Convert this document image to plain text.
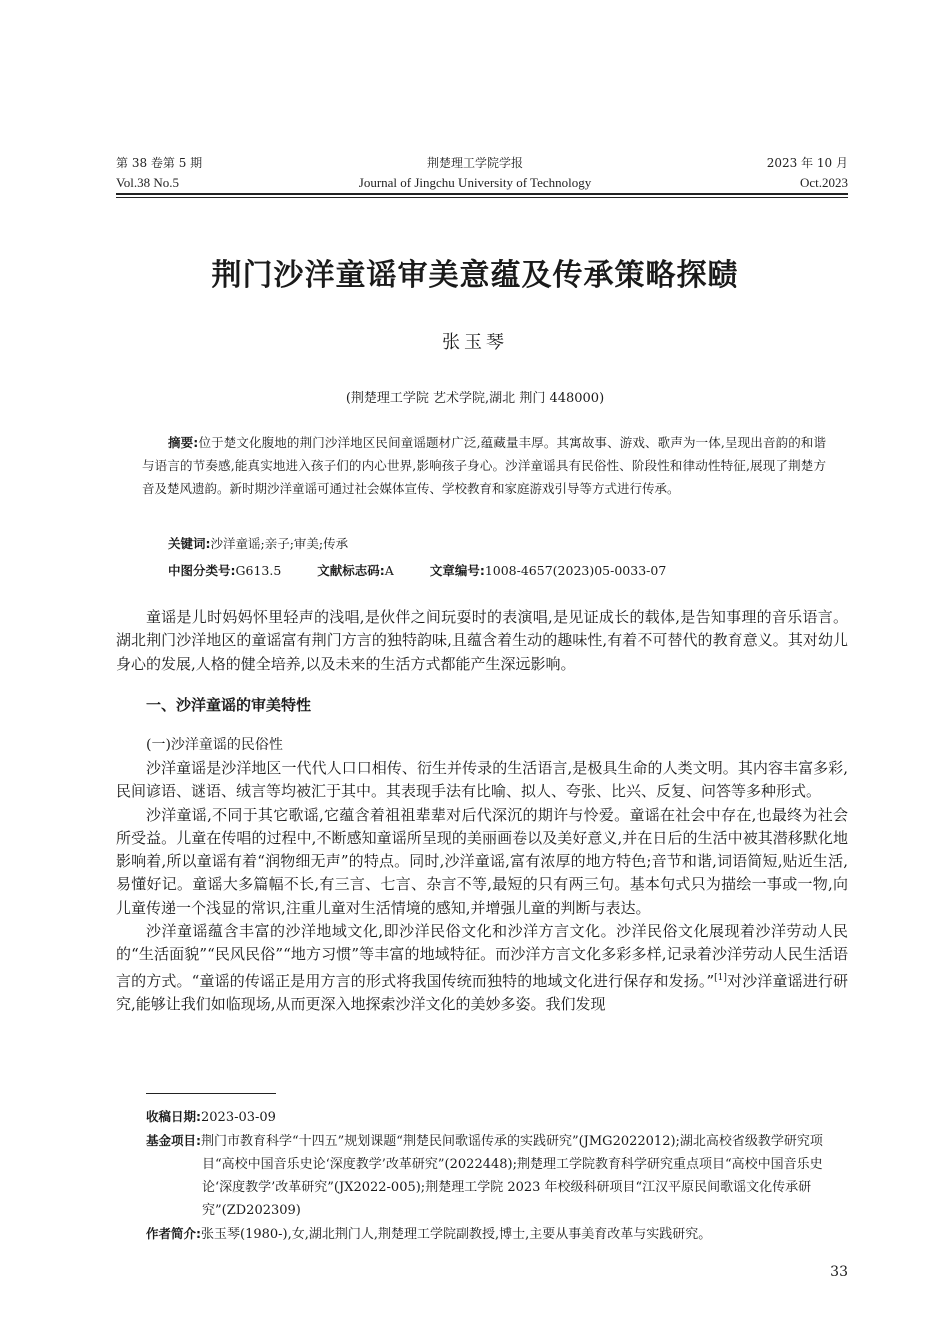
第 38 卷第 5 期
Vol.38 No.5
荆楚理工学院学报
Journal of Jingchu University of Technology
2023 年 10 月
Oct.2023
荆门沙洋童谣审美意蕴及传承策略探赜
张玉琴
(荆楚理工学院 艺术学院,湖北 荆门 448000)
摘要:位于楚文化腹地的荆门沙洋地区民间童谣题材广泛,蕴藏量丰厚。其寓故事、游戏、歌声为一体,呈现出音韵的和谐与语言的节奏感,能真实地进入孩子们的内心世界,影响孩子身心。沙洋童谣具有民俗性、阶段性和律动性特征,展现了荆楚方音及楚风遗韵。新时期沙洋童谣可通过社会媒体宣传、学校教育和家庭游戏引导等方式进行传承。
关键词:沙洋童谣;亲子;审美;传承
中图分类号:G613.5	文献标志码:A	文章编号:1008-4657(2023)05-0033-07

童谣是儿时妈妈怀里轻声的浅唱,是伙伴之间玩耍时的表演唱,是见证成长的载体,是告知事理的音乐语言。湖北荆门沙洋地区的童谣富有荆门方言的独特韵味,且蕴含着生动的趣味性,有着不可替代的教育意义。其对幼儿身心的发展,人格的健全培养,以及未来的生活方式都能产生深远影响。

一、沙洋童谣的审美特性
(一)沙洋童谣的民俗性

沙洋童谣是沙洋地区一代代人口口相传、衍生并传录的生活语言,是极具生命的人类文明。其内容丰富多彩,民间谚语、谜语、绒言等均被汇于其中。其表现手法有比喻、拟人、夸张、比兴、反复、问答等多种形式。

沙洋童谣,不同于其它歌谣,它蕴含着祖祖辈辈对后代深沉的期许与怜爱。童谣在社会中存在,也最终为社会所受益。儿童在传唱的过程中,不断感知童谣所呈现的美丽画卷以及美好意义,并在日后的生活中被其潜移默化地影响着,所以童谣有着“润物细无声”的特点。同时,沙洋童谣,富有浓厚的地方特色;音节和谐,词语简短,贴近生活,易懂好记。童谣大多篇幅不长,有三言、七言、杂言不等,最短的只有两三句。基本句式只为描绘一事或一物,向儿童传递一个浅显的常识,注重儿童对生活情境的感知,并增强儿童的判断与表达。

沙洋童谣蕴含丰富的沙洋地域文化,即沙洋民俗文化和沙洋方言文化。沙洋民俗文化展现着沙洋劳动人民的“生活面貌”“民风民俗”“地方习惯”等丰富的地域特征。而沙洋方言文化多彩多样,记录着沙洋劳动人民生活语言的方式。“童谣的传谣正是用方言的形式将我国传统而独特的地域文化进行保存和发扬。”[1]对沙洋童谣进行研究,能够让我们如临现场,从而更深入地探索沙洋文化的美妙多姿。我们发现

收稿日期:2023-03-09
基金项目:荆门市教育科学“十四五”规划课题“荆楚民间歌谣传承的实践研究”(JMG2022012);湖北高校省级教学研究项目“高校中国音乐史论‘深度教学’改革研究”(2022448);荆楚理工学院教育科学研究重点项目“高校中国音乐史论‘深度教学’改革研究”(JX2022-005);荆楚理工学院 2023 年校级科研项目“江汉平原民间歌谣文化传承研究”(ZD202309)
作者简介:张玉琴(1980-),女,湖北荆门人,荆楚理工学院副教授,博士,主要从事美育改革与实践研究。
33
